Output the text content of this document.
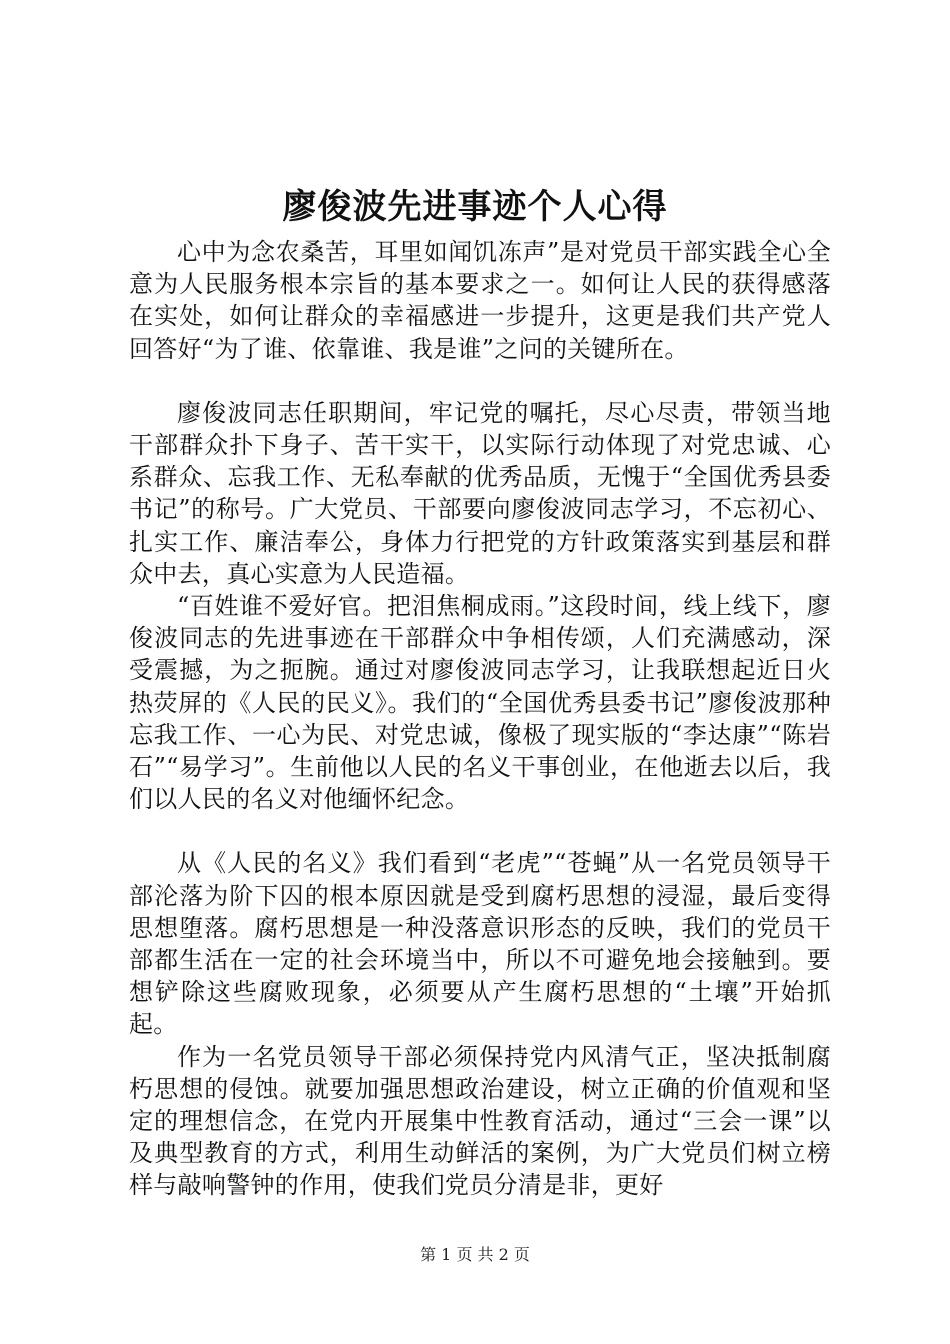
廖俊波先进事迹个人心得

心中为念农桑苦，耳里如闻饥冻声”是对党员干部实践全心全意为人民服务根本宗旨的基本要求之一。如何让人民的获得感落在实处，如何让群众的幸福感进一步提升，这更是我们共产党人回答好“为了谁、依靠谁、我是谁”之问的关键所在。

廖俊波同志任职期间，牢记党的嘱托，尽心尽责，带领当地干部群众扑下身子、苦干实干，以实际行动体现了对党忠诚、心系群众、忘我工作、无私奉献的优秀品质，无愧于“全国优秀县委书记”的称号。广大党员、干部要向廖俊波同志学习，不忘初心、扎实工作、廉洁奉公，身体力行把党的方针政策落实到基层和群众中去，真心实意为人民造福。

“百姓谁不爱好官。把泪焦桐成雨。”这段时间，线上线下，廖俊波同志的先进事迹在干部群众中争相传颂，人们充满感动，深受震撼，为之扼腕。通过对廖俊波同志学习，让我联想起近日火热荧屏的《人民的民义》。我们的“全国优秀县委书记”廖俊波那种忘我工作、一心为民、对党忠诚，像极了现实版的“李达康”“陈岩石”“易学习”。生前他以人民的名义干事创业，在他逝去以后，我们以人民的名义对他缅怀纪念。

从《人民的名义》我们看到“老虎”“苍蝇”从一名党员领导干部沦落为阶下囚的根本原因就是受到腐朽思想的浸湿，最后变得思想堕落。腐朽思想是一种没落意识形态的反映，我们的党员干部都生活在一定的社会环境当中，所以不可避免地会接触到。要想铲除这些腐败现象，必须要从产生腐朽思想的“土壤”开始抓起。

作为一名党员领导干部必须保持党内风清气正，坚决抵制腐朽思想的侵蚀。就要加强思想政治建设，树立正确的价值观和坚定的理想信念，在党内开展集中性教育活动，通过“三会一课”以及典型教育的方式，利用生动鲜活的案例，为广大党员们树立榜样与敲响警钟的作用，使我们党员分清是非，更好

第 1 页 共 2 页
